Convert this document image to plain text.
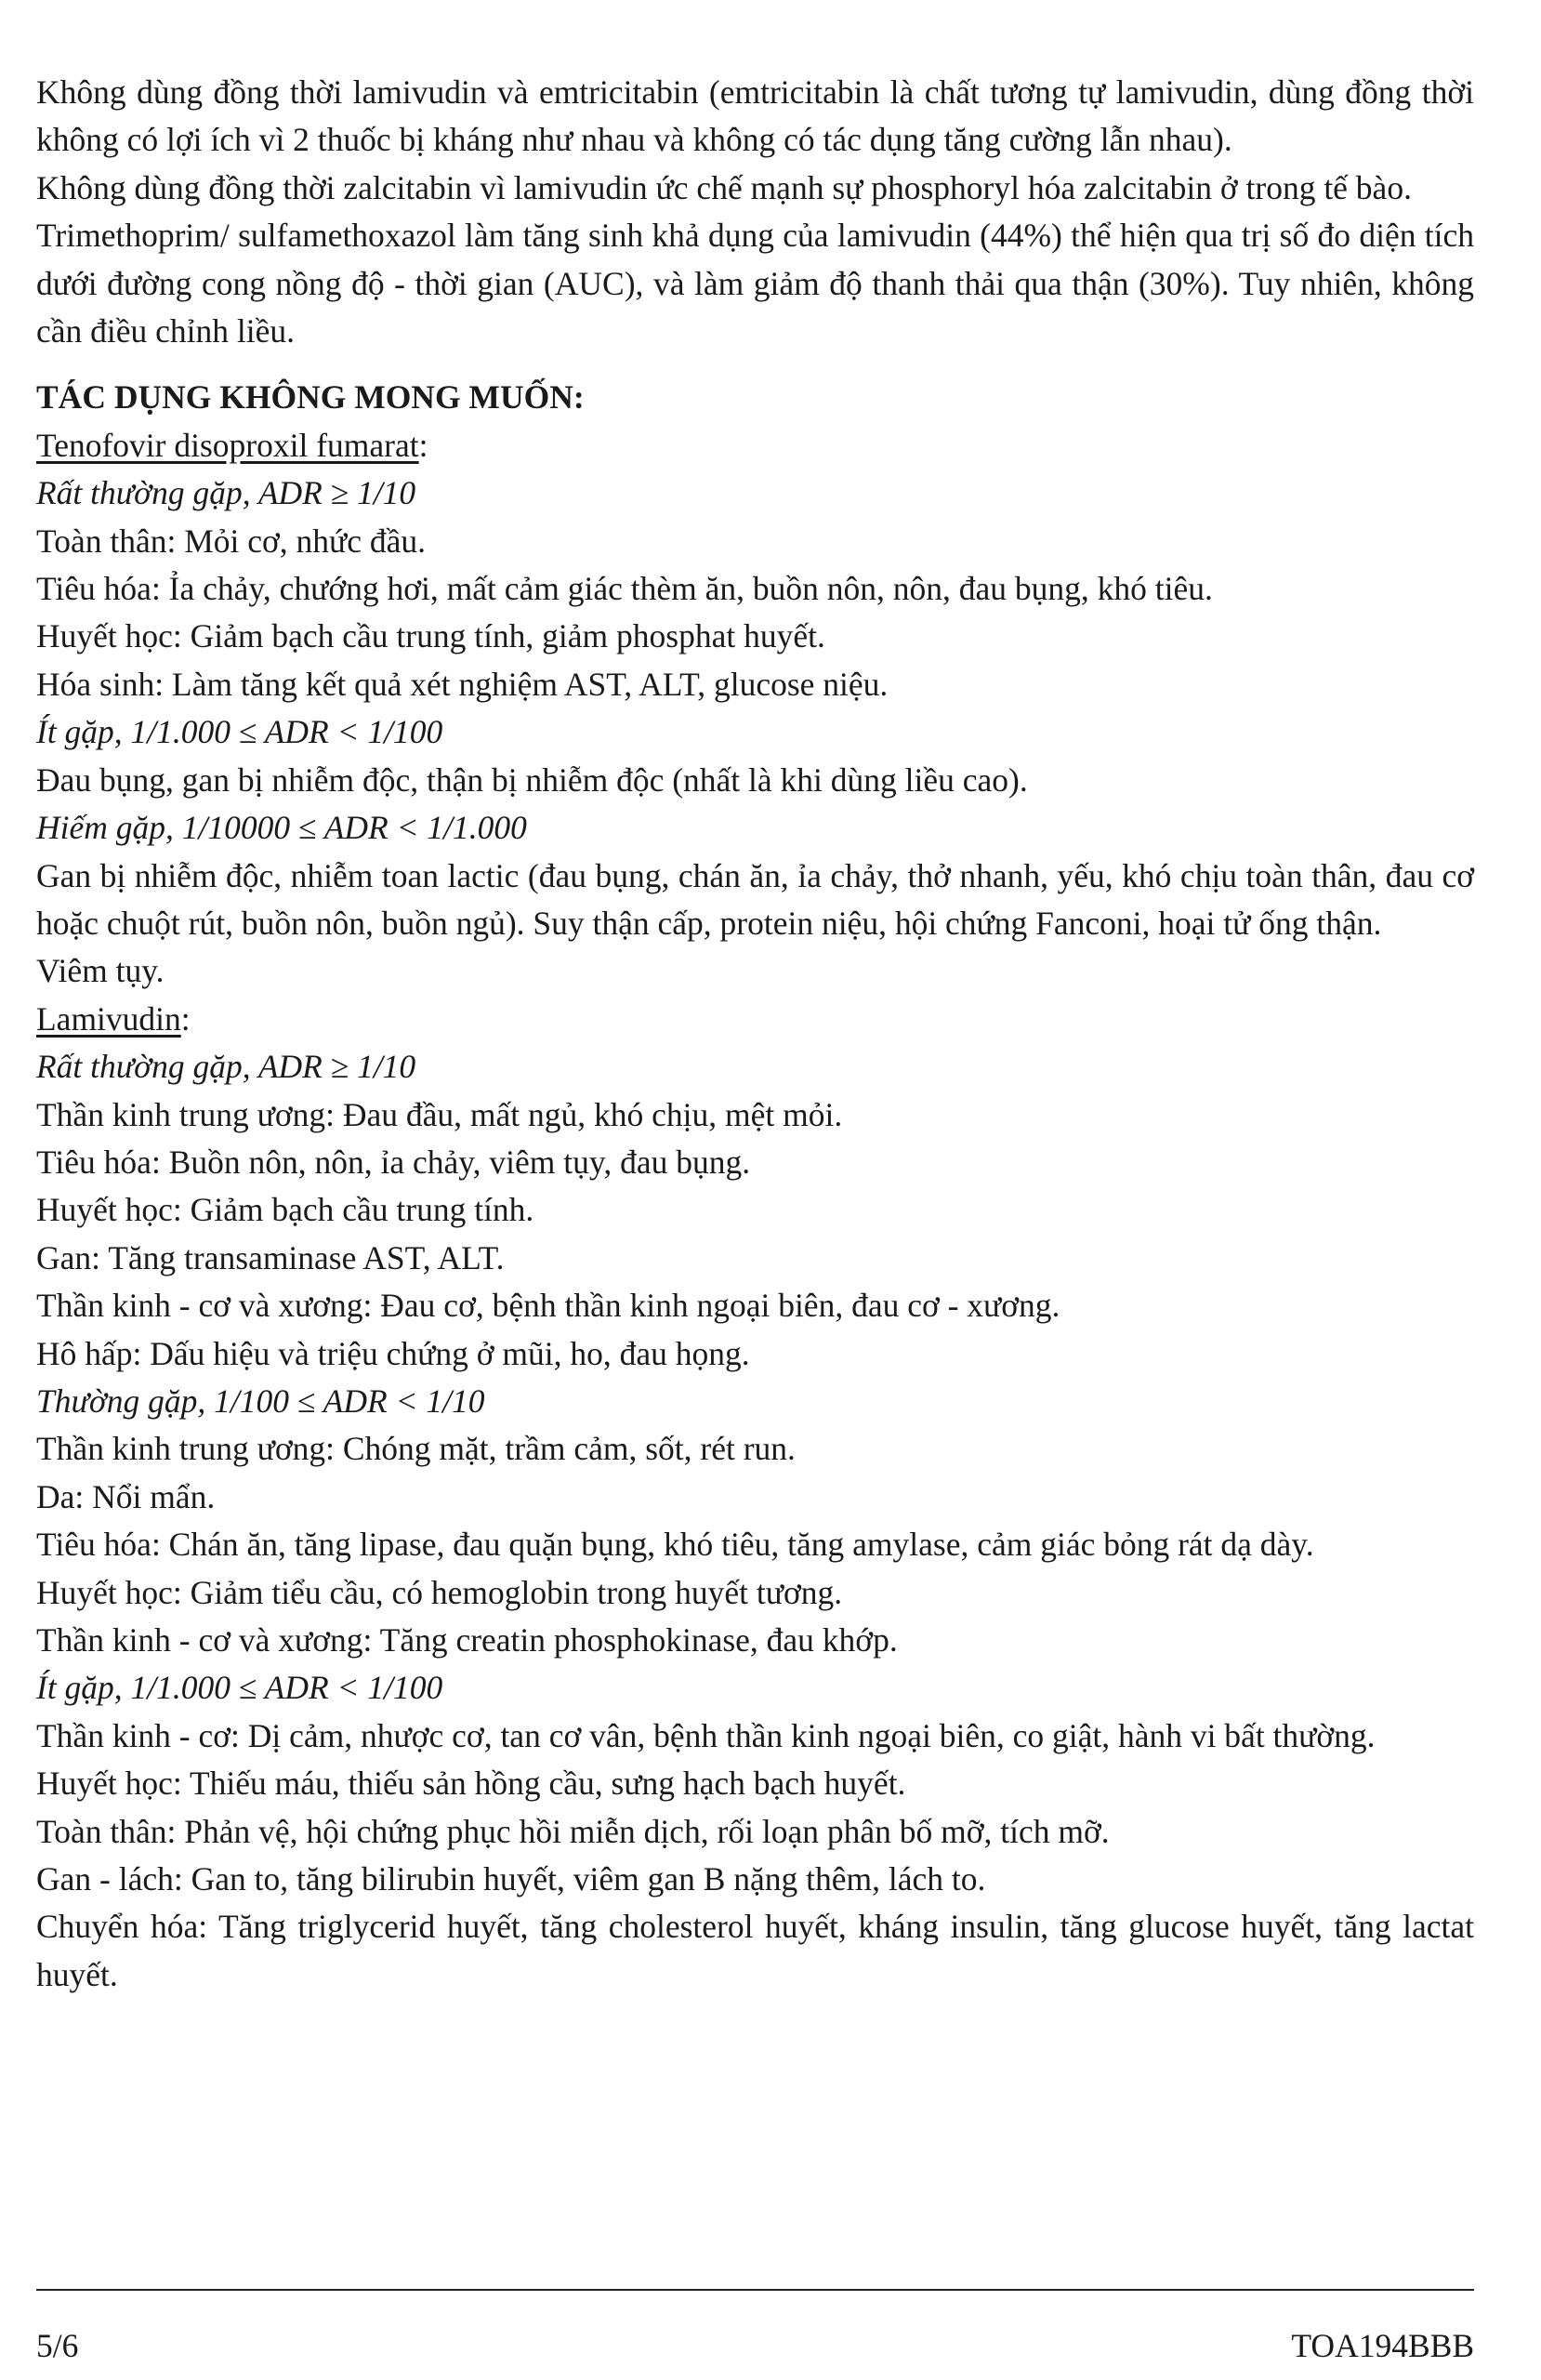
Không dùng đồng thời lamivudin và emtricitabin (emtricitabin là chất tương tự lamivudin, dùng đồng thời không có lợi ích vì 2 thuốc bị kháng như nhau và không có tác dụng tăng cường lẫn nhau).
Không dùng đồng thời zalcitabin vì lamivudin ức chế mạnh sự phosphoryl hóa zalcitabin ở trong tế bào.
Trimethoprim/ sulfamethoxazol làm tăng sinh khả dụng của lamivudin (44%) thể hiện qua trị số đo diện tích dưới đường cong nồng độ - thời gian (AUC), và làm giảm độ thanh thải qua thận (30%). Tuy nhiên, không cần điều chỉnh liều.
TÁC DỤNG KHÔNG MONG MUỐN:
Tenofovir disoproxil fumarat:
Rất thường gặp, ADR ≥ 1/10
Toàn thân: Mỏi cơ, nhức đầu.
Tiêu hóa: Ỉa chảy, chướng hơi, mất cảm giác thèm ăn, buồn nôn, nôn, đau bụng, khó tiêu.
Huyết học: Giảm bạch cầu trung tính, giảm phosphat huyết.
Hóa sinh: Làm tăng kết quả xét nghiệm AST, ALT, glucose niệu.
Ít gặp, 1/1.000 ≤ ADR < 1/100
Đau bụng, gan bị nhiễm độc, thận bị nhiễm độc (nhất là khi dùng liều cao).
Hiếm gặp, 1/10000 ≤ ADR < 1/1.000
Gan bị nhiễm độc, nhiễm toan lactic (đau bụng, chán ăn, ỉa chảy, thở nhanh, yếu, khó chịu toàn thân, đau cơ hoặc chuột rút, buồn nôn, buồn ngủ). Suy thận cấp, protein niệu, hội chứng Fanconi, hoại tử ống thận.
Viêm tụy.
Lamivudin:
Rất thường gặp, ADR ≥ 1/10
Thần kinh trung ương: Đau đầu, mất ngủ, khó chịu, mệt mỏi.
Tiêu hóa: Buồn nôn, nôn, ỉa chảy, viêm tụy, đau bụng.
Huyết học: Giảm bạch cầu trung tính.
Gan: Tăng transaminase AST, ALT.
Thần kinh - cơ và xương: Đau cơ, bệnh thần kinh ngoại biên, đau cơ - xương.
Hô hấp: Dấu hiệu và triệu chứng ở mũi, ho, đau họng.
Thường gặp, 1/100 ≤ ADR < 1/10
Thần kinh trung ương: Chóng mặt, trầm cảm, sốt, rét run.
Da: Nổi mẩn.
Tiêu hóa: Chán ăn, tăng lipase, đau quặn bụng, khó tiêu, tăng amylase, cảm giác bỏng rát dạ dày.
Huyết học: Giảm tiểu cầu, có hemoglobin trong huyết tương.
Thần kinh - cơ và xương: Tăng creatin phosphokinase, đau khớp.
Ít gặp, 1/1.000 ≤ ADR < 1/100
Thần kinh - cơ: Dị cảm, nhược cơ, tan cơ vân, bệnh thần kinh ngoại biên, co giật, hành vi bất thường.
Huyết học: Thiếu máu, thiếu sản hồng cầu, sưng hạch bạch huyết.
Toàn thân: Phản vệ, hội chứng phục hồi miễn dịch, rối loạn phân bố mỡ, tích mỡ.
Gan - lách: Gan to, tăng bilirubin huyết, viêm gan B nặng thêm, lách to.
Chuyển hóa: Tăng triglycerid huyết, tăng cholesterol huyết, kháng insulin, tăng glucose huyết, tăng lactat huyết.
5/6	TOA194BBB
